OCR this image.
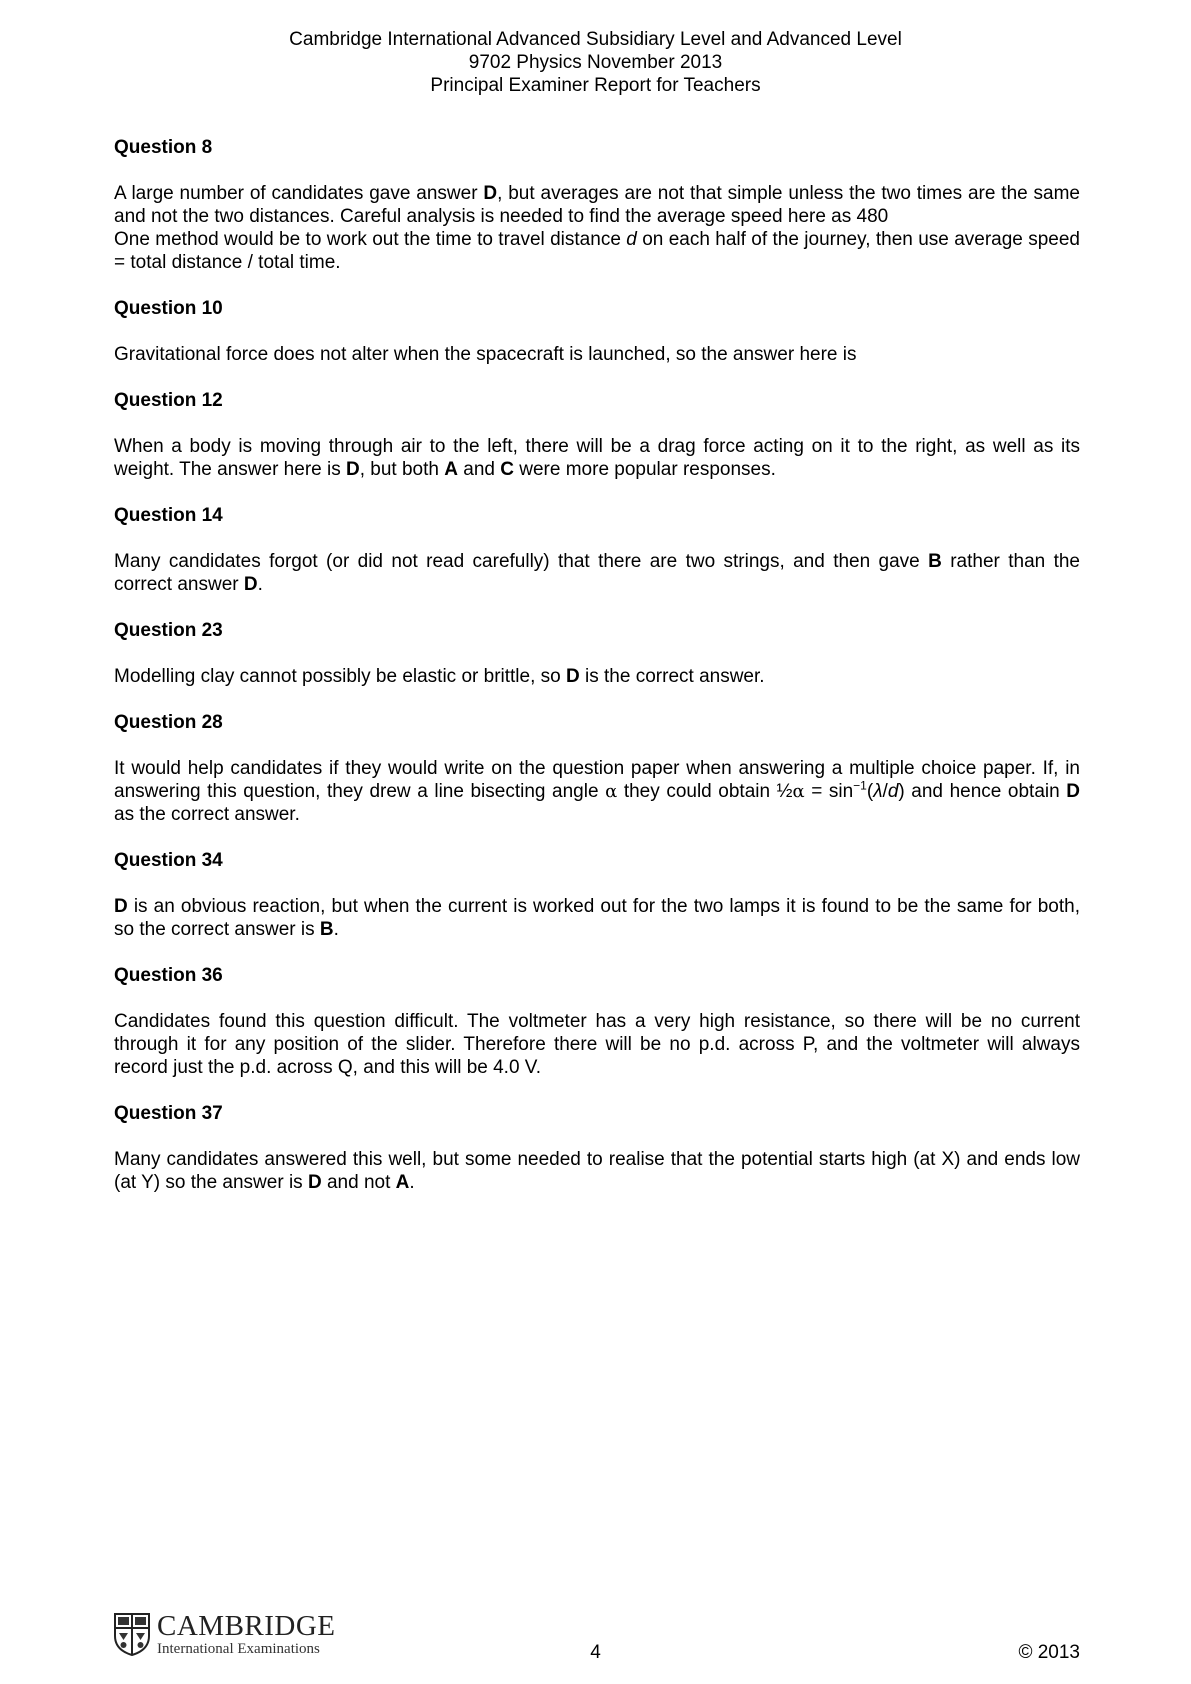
Cambridge International Advanced Subsidiary Level and Advanced Level
9702 Physics November 2013
Principal Examiner Report for Teachers
Question 8

A large number of candidates gave answer D, but averages are not that simple unless the two times are the same and not the two distances. Careful analysis is needed to find the average speed here as 480

One method would be to work out the time to travel distance d on each half of the journey, then use average speed = total distance / total time.

Question 10
Gravitational force does not alter when the spacecraft is launched, so the answer here is
Question 12
When a body is moving through air to the left, there will be a drag force acting on it to the right, as well as its weight. The answer here is D, but both A and C were more popular responses.
Question 14
Many candidates forgot (or did not read carefully) that there are two strings, and then gave B rather than the correct answer D.
Question 23
Modelling clay cannot possibly be elastic or brittle, so D is the correct answer.
Question 28
It would help candidates if they would write on the question paper when answering a multiple choice paper. If, in answering this question, they drew a line bisecting angle α they could obtain ½α = $\sin^{-1}(\lambda/d)$ and hence obtain D as the correct answer.
Question 34
D is an obvious reaction, but when the current is worked out for the two lamps it is found to be the same for both, so the correct answer is B.
Question 36
Candidates found this question difficult. The voltmeter has a very high resistance, so there will be no current through it for any position of the slider. Therefore there will be no p.d. across P, and the voltmeter will always record just the p.d. across Q, and this will be 4.0 V.
Question 37
Many candidates answered this well, but some needed to realise that the potential starts high (at X) and ends low (at Y) so the answer is D and not A.
CAMBRIDGE
International Examinations	4	© 2013
